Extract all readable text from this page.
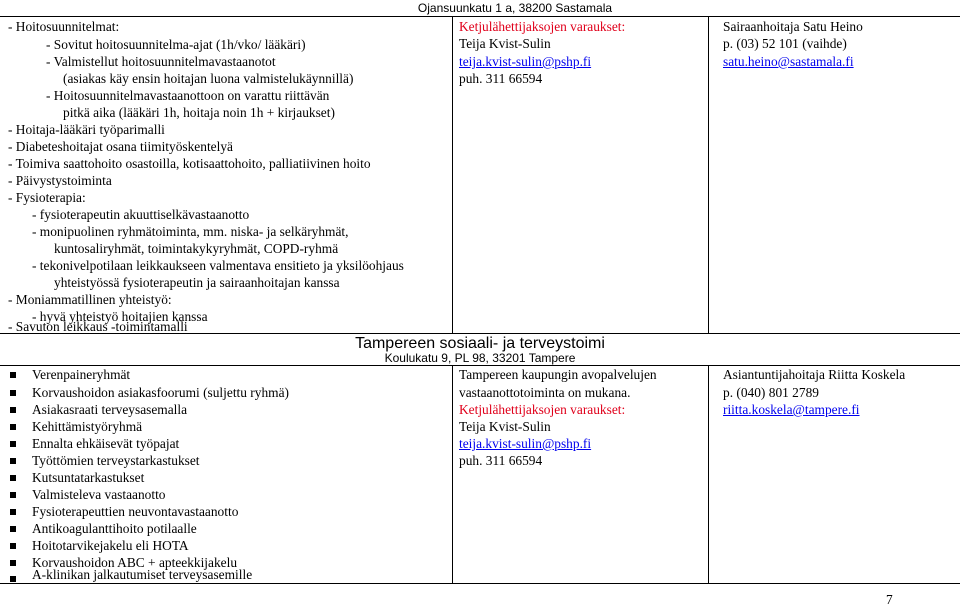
Ojansuunkatu 1 a, 38200 Sastamala
- Hoitosuunnitelmat:
- Sovitut hoitosuunnitelma-ajat (1h/vko/ lääkäri)
- Valmistellut hoitosuunnitelmavastaanotot
(asiakas käy ensin hoitajan luona valmistelukäynnillä)
- Hoitosuunnitelmavastaanottoon on varattu riittävän
pitkä aika (lääkäri 1h, hoitaja noin 1h + kirjaukset)
- Hoitaja-lääkäri työparimalli
- Diabeteshoitajat osana tiimityöskentelyä
- Toimiva saattohoito osastoilla, kotisaattohoito, palliatiivinen hoito
- Päivystystoiminta
- Fysioterapia:
- fysioterapeutin akuuttiselkävastaanotto
- monipuolinen ryhmätoiminta, mm. niska- ja selkäryhmät,
kuntosaliryhmät, toimintakykyryhmät, COPD-ryhmä
- tekonivelpotilaan leikkaukseen valmentava ensitieto ja yksilöohjaus
yhteistyössä fysioterapeutin ja sairaanhoitajan kanssa
- Moniammatillinen yhteistyö:
- hyvä yhteistyö hoitajien kanssa
- Savuton leikkaus -toimintamalli
Ketjulähettijaksojen varaukset:
Teija Kvist-Sulin
teija.kvist-sulin@pshp.fi
puh. 311 66594
Sairaanhoitaja Satu Heino
p. (03) 52 101 (vaihde)
satu.heino@sastamala.fi
Tampereen sosiaali- ja terveystoimi
Koulukatu 9, PL 98, 33201 Tampere
Verenpaineryhmät
Korvaushoidon asiakasfoorumi (suljettu ryhmä)
Asiakasraati terveysasemalla
Kehittämistyöryhmä
Ennalta ehkäisevät työpajat
Työttömien terveystarkastukset
Kutsuntatarkastukset
Valmisteleva vastaanotto
Fysioterapeuttien neuvontavastaanotto
Antikoagulanttihoito potilaalle
Hoitotarvikejakelu eli HOTA
Korvaushoidon ABC + apteekkijakelu
A-klinikan jalkautumiset terveysasemille
Tampereen kaupungin avopalvelujen
vastaanottotoiminta on mukana.
Ketjulähettijaksojen varaukset:
Teija Kvist-Sulin
teija.kvist-sulin@pshp.fi
puh. 311 66594
Asiantuntijahoitaja Riitta Koskela
p. (040) 801 2789
riitta.koskela@tampere.fi
7
